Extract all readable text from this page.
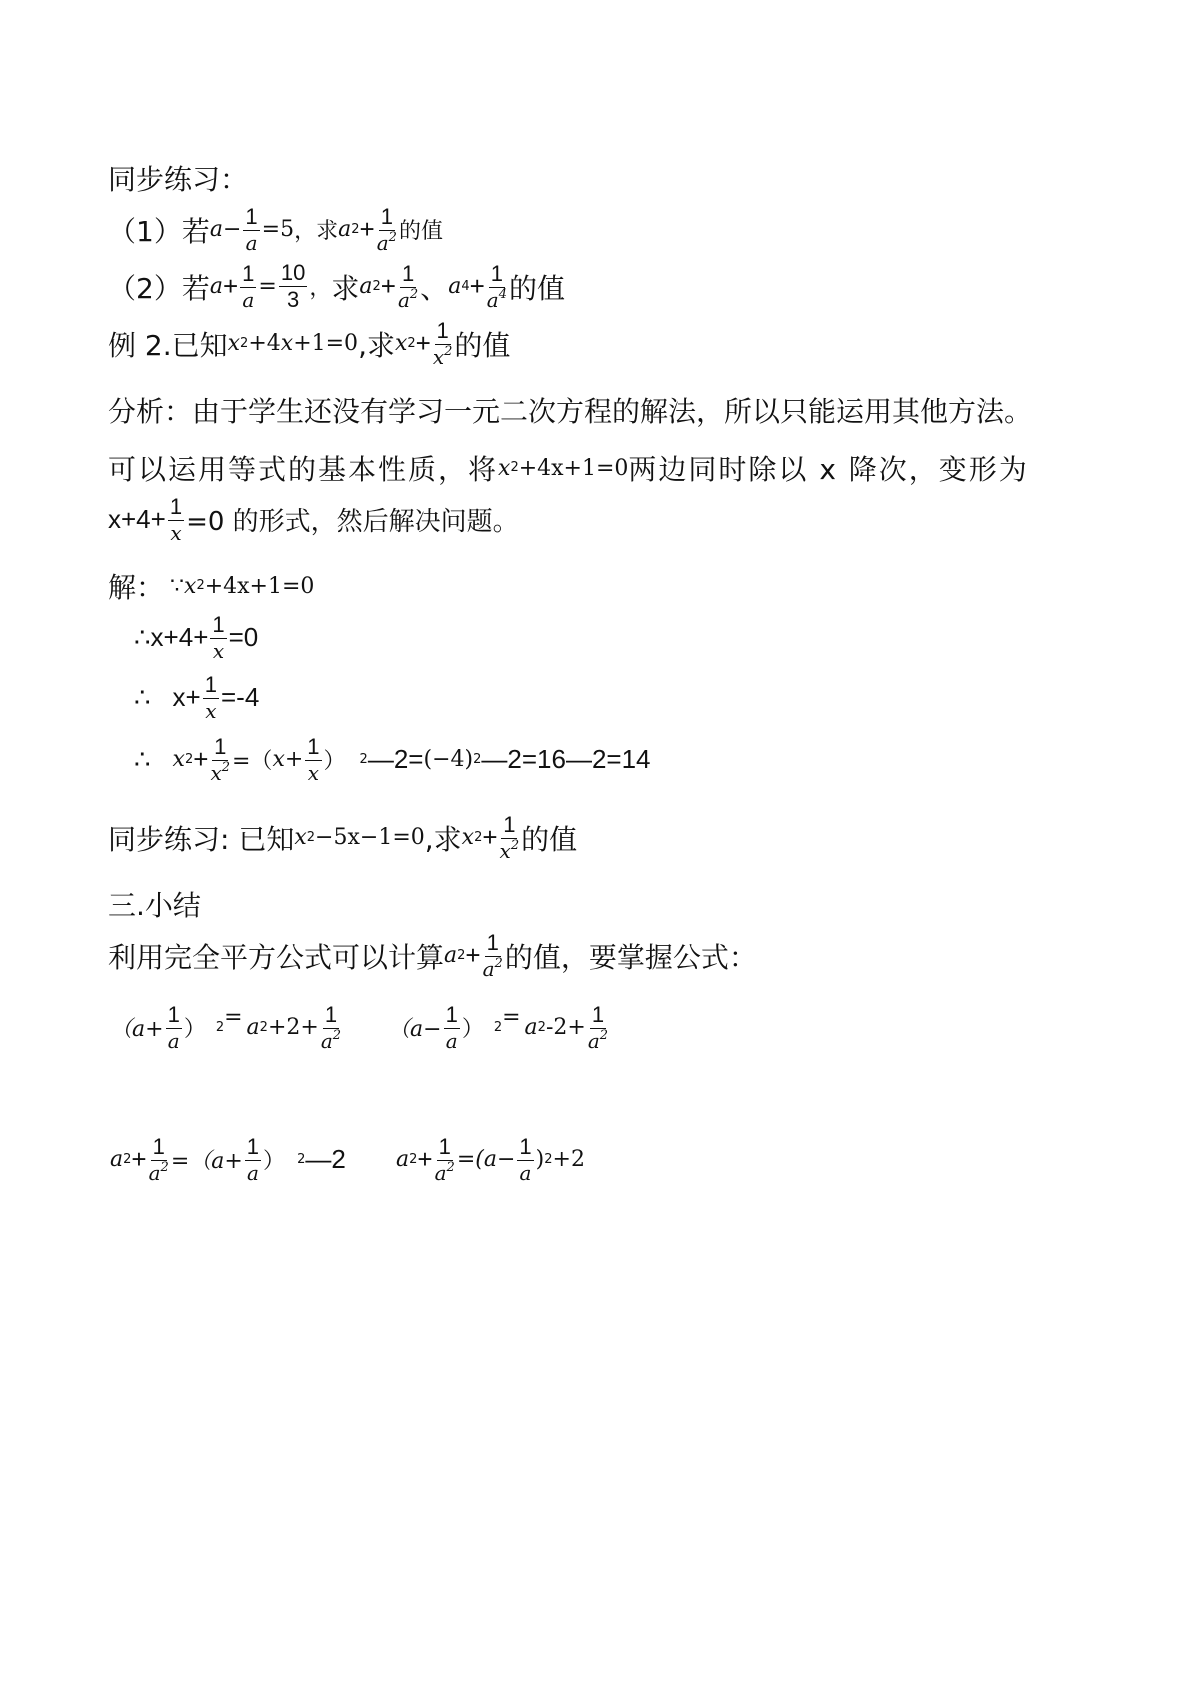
同步练习：
（1） 若 $a - \frac{1}{a} =5$ ， 求 a $2 + \frac{1}{a^2}$ 的值
（2） 若 $a + \frac{1}{a} = \frac{10}{3}$ ， 求 a $2 + \frac{1}{a^2}$ 、 a $4 + \frac{1}{a^4}$ 的值
例 2.已知 x 2 +4 x +1=0 ,求 x $2 + \frac{1}{x^2}$ 的值
分析：由于学生还没有学习一元二次方程的解法，所以只能运用其他方法。
可以运用等式的基本性质，将 x 2 +4x+1=0 两边同时除以 x 降次，变形为
$x+4+ \frac{1}{x} =0$ 的形式，然后解决问题。
解： ∵ x 2 +4x+1=0
∴ $x+4+ \frac{1}{x} =0$
∴ $x+ \frac{1}{x} =-4$
∴ x $2 + \frac{1}{x^2}$ =（ $x+ \frac{1}{x}$ ） 2 —2= (−4) 2 —2=16—2=14
同步练习: 已知 x 2 −5x−1=0 ,求 x $2 + \frac{1}{x^2}$ 的值
三.小结
利用完全平方公式可以计算 a $2 + \frac{1}{a^2}$ 的值，要掌握公式：
（$a+ \frac{1}{a}$ ） 2 = a $2 +2+ \frac{1}{a^2} (a- \frac{1}{a}$ ） 2 = a 2 $-2+ \frac{1}{a^2}$
a $2 + \frac{1}{a^2} =(a+ \frac{1}{a}$ ） 2 —2 a $2 + \frac{1}{a^2} =(a- \frac{1}{a}$ ) 2 +2
